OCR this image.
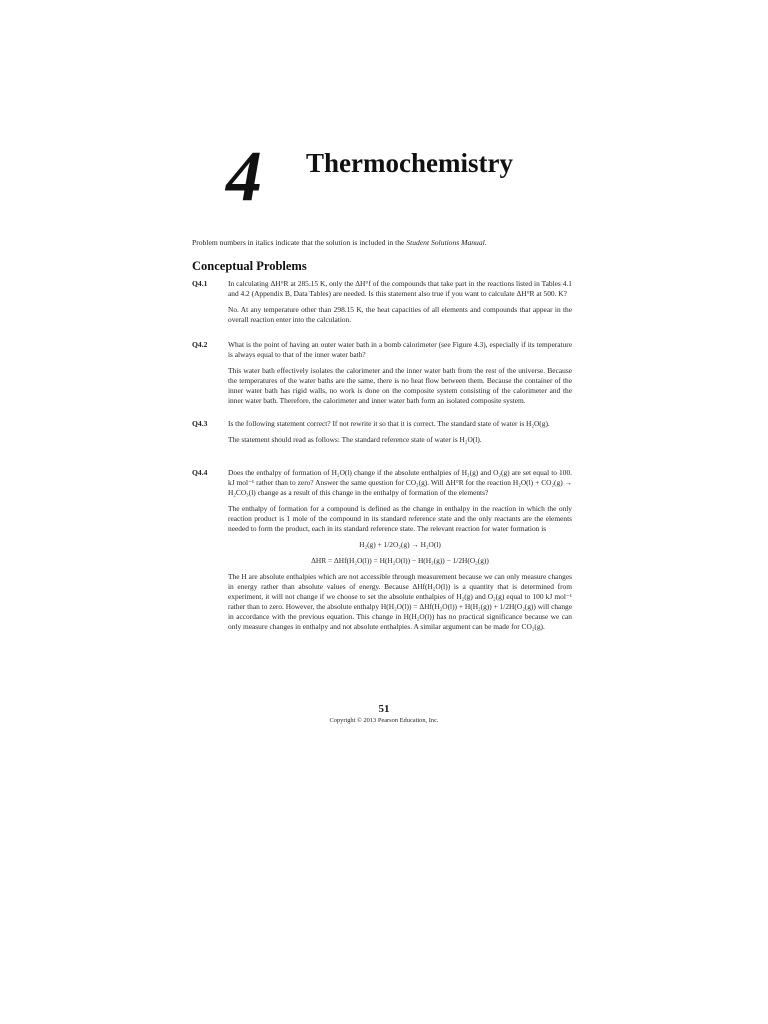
4 Thermochemistry
Problem numbers in italics indicate that the solution is included in the Student Solutions Manual.
Conceptual Problems
Q4.1	In calculating ΔH°R at 285.15 K, only the ΔH°f of the compounds that take part in the reactions listed in Tables 4.1 and 4.2 (Appendix B, Data Tables) are needed. Is this statement also true if you want to calculate ΔH°R at 500. K?

No. At any temperature other than 298.15 K, the heat capacities of all elements and compounds that appear in the overall reaction enter into the calculation.

Q4.2	What is the point of having an outer water bath in a bomb calorimeter (see Figure 4.3), especially if its temperature is always equal to that of the inner water bath?

This water bath effectively isolates the calorimeter and the inner water bath from the rest of the universe. Because the temperatures of the water baths are the same, there is no heat flow between them. Because the container of the inner water bath has rigid walls, no work is done on the composite system consisting of the calorimeter and the inner water bath. Therefore, the calorimeter and inner water bath form an isolated composite system.

Q4.3	Is the following statement correct? If not rewrite it so that it is correct. The standard state of water is H₂O(g).

The statement should read as follows: The standard reference state of water is H₂O(l).

Q4.4	Does the enthalpy of formation of H₂O(l) change if the absolute enthalpies of H₂(g) and O₂(g) are set equal to 100. kJ mol⁻¹ rather than to zero? Answer the same question for CO₂(g). Will ΔH°R for the reaction H₂O(l) + CO₂(g) → H₂CO₃(l) change as a result of this change in the enthalpy of formation of the elements?

The enthalpy of formation for a compound is defined as the change in enthalpy in the reaction in which the only reaction product is 1 mole of the compound in its standard reference state and the only reactants are the elements needed to form the product, each in its standard reference state. The relevant reaction for water formation is

H₂(g) + 1/2O₂(g) → H₂O(l)
ΔHR = ΔHf(H₂O(l)) = H(H₂O(l)) − H(H₂(g)) − 1/2H(O₂(g))

The H are absolute enthalpies which are not accessible through measurement because we can only measure changes in energy rather than absolute values of energy. Because ΔHf(H₂O(l)) is a quantity that is determined from experiment, it will not change if we choose to set the absolute enthalpies of H₂(g) and O₂(g) equal to 100 kJ mol⁻¹ rather than to zero. However, the absolute enthalpy H(H₂O(l)) = ΔHf(H₂O(l)) + H(H₂(g)) + 1/2H(O₂(g)) will change in accordance with the previous equation. This change in H(H₂O(l)) has no practical significance because we can only measure changes in enthalpy and not absolute enthalpies. A similar argument can be made for CO₂(g).

51
Copyright © 2013 Pearson Education, Inc.
